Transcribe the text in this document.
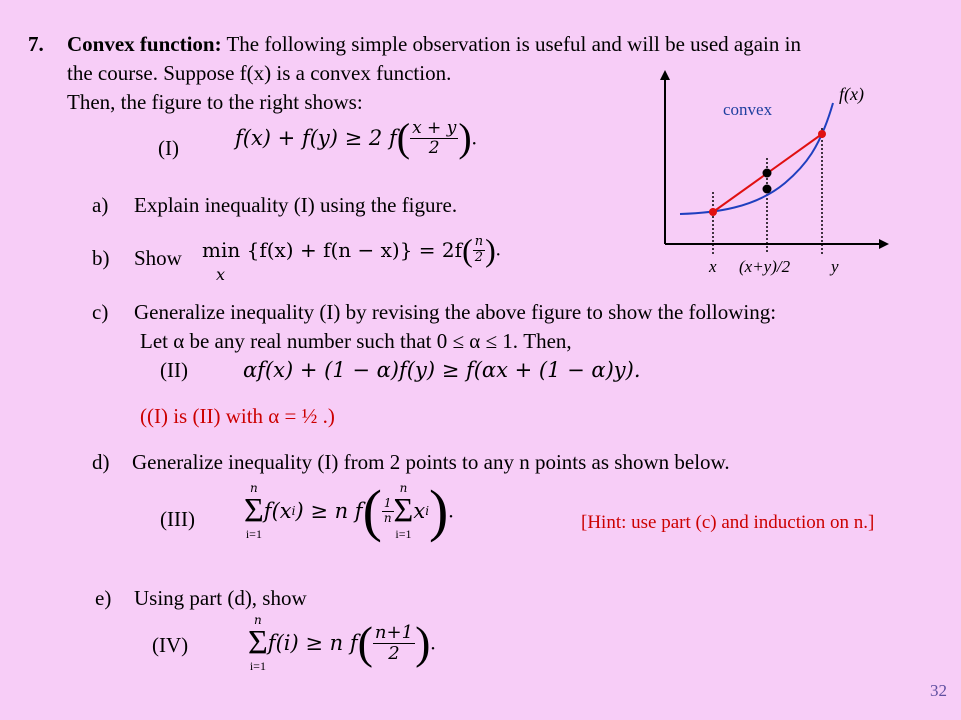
7. Convex function: The following simple observation is useful and will be used again in
the course. Suppose f(x) is a convex function.
Then, the figure to the right shows:
(I)	f(x) + f(y) ≥ 2 $f( \frac{x + y}{2}$ ).
a) Explain inequality (I) using the figure.
b) Show $\min \{f(x) + f(n - x)\} = 2f( \frac{n}{2}$ ).
x
c) Generalize inequality (I) by revising the above figure to show the following:
Let α be any real number such that 0 ≤ α ≤ 1. Then,
(II)	αf(x) + (1 − α)f(y) ≥ f(αx + (1 − α)y).
((I) is (II) with α = ½ .)
d) Generalize inequality (I) from 2 points to any n points as shown below.
(III)
n
Σ
i=1
f(xi) ≥ n $f( \frac{1}{n}$
n
Σ
i=1
xi).	[Hint: use part (c) and induction on n.]
e) Using part (d), show
(IV)
n
Σ
i=1
f(i) ≥ n $f( \frac{n+1}{2}$ ).
convex
f(x)
x (x+y)/2 y
32
